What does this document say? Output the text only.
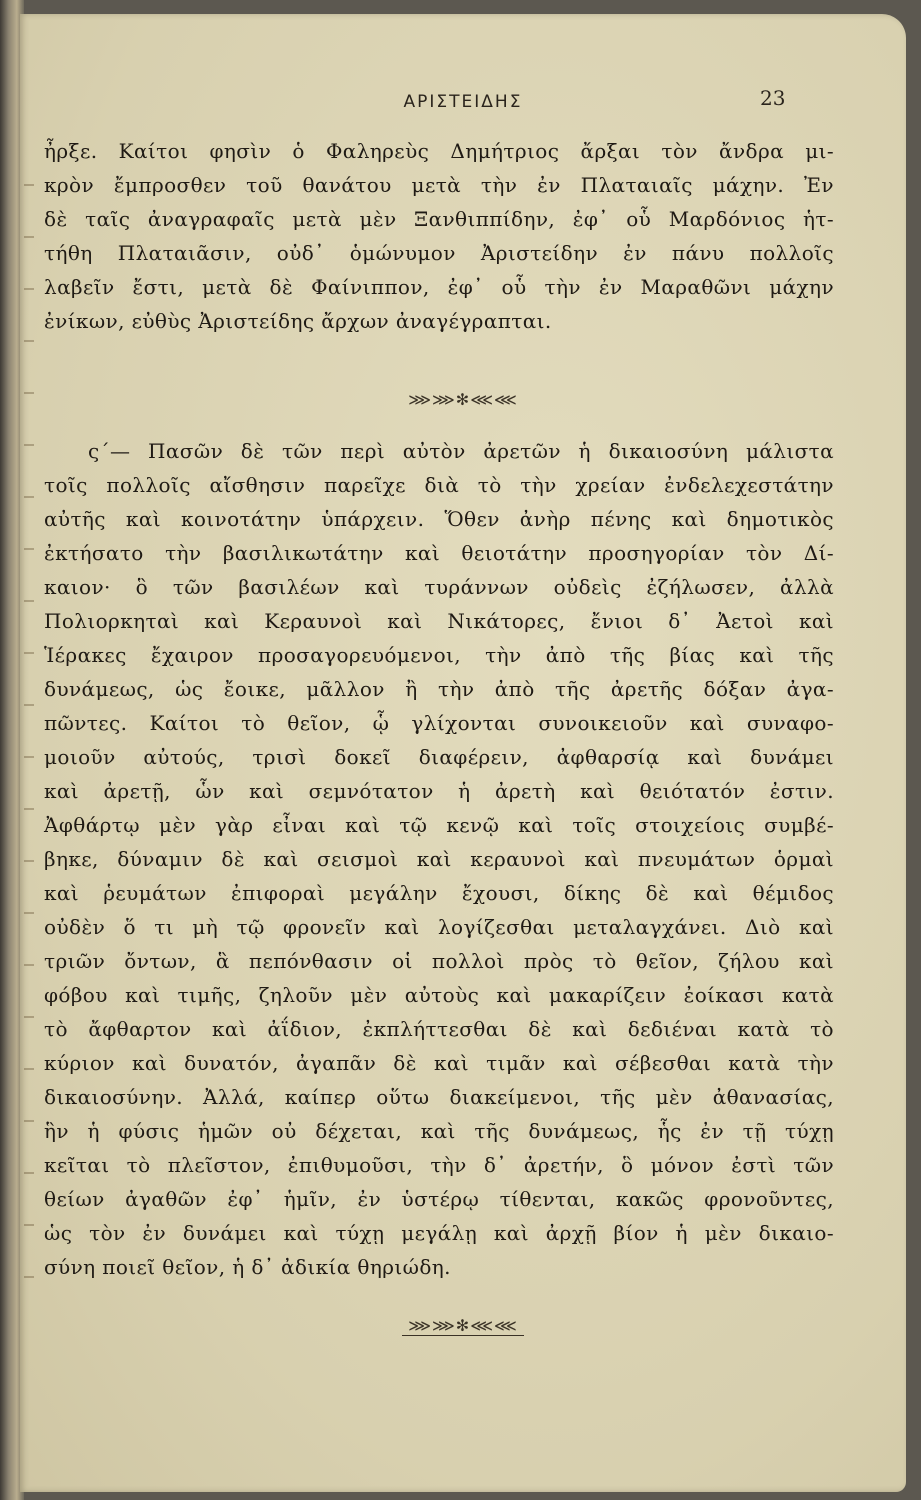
ΑΡΙΣΤΕΙΔΗΣ	23
ἦρξε. Καίτοι φησὶν ὁ Φαληρεὺς Δημήτριος ἄρξαι τὸν ἄνδρα μι-
κρὸν ἔμπροσθεν τοῦ θανάτου μετὰ τὴν ἐν Πλαταιαῖς μάχην. Ἐν
δὲ ταῖς ἀναγραφαῖς μετὰ μὲν Ξανθιππίδην, ἐφ᾽ οὗ Μαρδόνιος ἡτ-
τήθη Πλαταιᾶσιν, οὐδ᾽ ὁμώνυμον Ἀριστείδην ἐν πάνυ πολλοῖς
λαβεῖν ἔστι, μετὰ δὲ Φαίνιππον, ἐφ᾽ οὗ τὴν ἐν Μαραθῶνι μάχην
ἐνίκων, εὐθὺς Ἀριστείδης ἄρχων ἀναγέγραπται.
⋙⋙✻⋘⋘
ς´— Πασῶν δὲ τῶν περὶ αὐτὸν ἀρετῶν ἡ δικαιοσύνη μάλιστα
τοῖς πολλοῖς αἴσθησιν παρεῖχε διὰ τὸ τὴν χρείαν ἐνδελεχεστάτην
αὐτῆς καὶ κοινοτάτην ὑπάρχειν. Ὅθεν ἀνὴρ πένης καὶ δημοτικὸς
ἐκτήσατο τὴν βασιλικωτάτην καὶ θειοτάτην προσηγορίαν τὸν Δί-
καιον· ὃ τῶν βασιλέων καὶ τυράννων οὐδεὶς ἐζήλωσεν, ἀλλὰ
Πολιορκηταὶ καὶ Κεραυνοὶ καὶ Νικάτορες, ἔνιοι δ᾽ Ἀετοὶ καὶ
Ἱέρακες ἔχαιρον προσαγορευόμενοι, τὴν ἀπὸ τῆς βίας καὶ τῆς
δυνάμεως, ὡς ἔοικε, μᾶλλον ἢ τὴν ἀπὸ τῆς ἀρετῆς δόξαν ἀγα-
πῶντες. Καίτοι τὸ θεῖον, ᾧ γλίχονται συνοικειοῦν καὶ συναφο-
μοιοῦν αὐτούς, τρισὶ δοκεῖ διαφέρειν, ἀφθαρσίᾳ καὶ δυνάμει
καὶ ἀρετῇ, ὧν καὶ σεμνότατον ἡ ἀρετὴ καὶ θειότατόν ἐστιν.
Ἀφθάρτῳ μὲν γὰρ εἶναι καὶ τῷ κενῷ καὶ τοῖς στοιχείοις συμβέ-
βηκε, δύναμιν δὲ καὶ σεισμοὶ καὶ κεραυνοὶ καὶ πνευμάτων ὁρμαὶ
καὶ ῥευμάτων ἐπιφοραὶ μεγάλην ἔχουσι, δίκης δὲ καὶ θέμιδος
οὐδὲν ὅ τι μὴ τῷ φρονεῖν καὶ λογίζεσθαι μεταλαγχάνει. Διὸ καὶ
τριῶν ὄντων, ἃ πεπόνθασιν οἱ πολλοὶ πρὸς τὸ θεῖον, ζήλου καὶ
φόβου καὶ τιμῆς, ζηλοῦν μὲν αὐτοὺς καὶ μακαρίζειν ἐοίκασι κατὰ
τὸ ἄφθαρτον καὶ ἀΐδιον, ἐκπλήττεσθαι δὲ καὶ δεδιέναι κατὰ τὸ
κύριον καὶ δυνατόν, ἀγαπᾶν δὲ καὶ τιμᾶν καὶ σέβεσθαι κατὰ τὴν
δικαιοσύνην. Ἀλλά, καίπερ οὕτω διακείμενοι, τῆς μὲν ἀθανασίας,
ἣν ἡ φύσις ἡμῶν οὐ δέχεται, καὶ τῆς δυνάμεως, ἧς ἐν τῇ τύχῃ
κεῖται τὸ πλεῖστον, ἐπιθυμοῦσι, τὴν δ᾽ ἀρετήν, ὃ μόνον ἐστὶ τῶν
θείων ἀγαθῶν ἐφ᾽ ἡμῖν, ἐν ὑστέρῳ τίθενται, κακῶς φρονοῦντες,
ὡς τὸν ἐν δυνάμει καὶ τύχῃ μεγάλῃ καὶ ἀρχῇ βίον ἡ μὲν δικαιο-
σύνη ποιεῖ θεῖον, ἡ δ᾽ ἀδικία θηριώδη.
⋙⋙✻⋘⋘
